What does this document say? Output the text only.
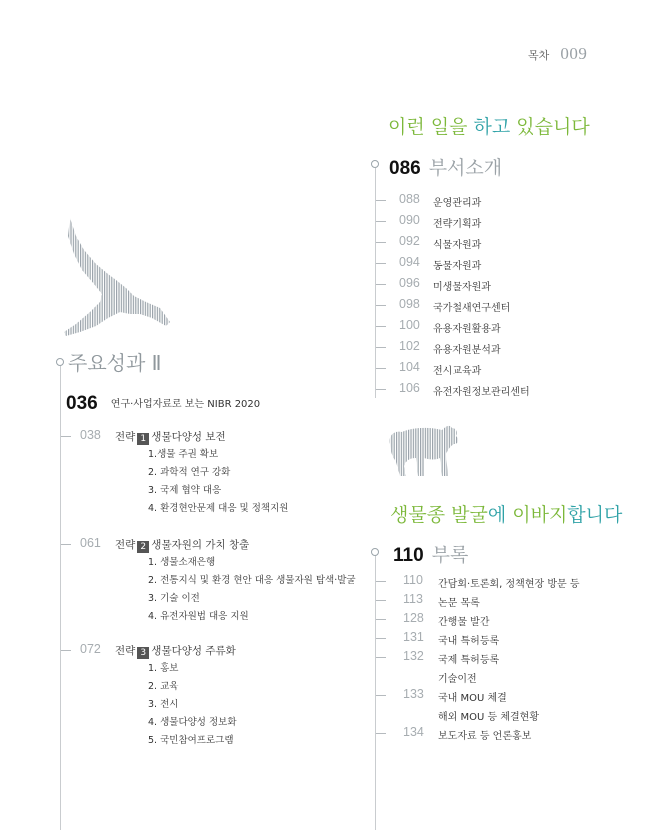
목차 009
이런 일을 하고 있습니다
086 부서소개
088 운영관리과
090 전략기획과
092 식물자원과
094 동물자원과
096 미생물자원과
098 국가철새연구센터
100 유용자원활용과
102 유용자원분석과
104 전시교육과
106 유전자원정보관리센터
생물종 발굴에 이바지합니다
110 부록
110 간담회·토론회, 정책현장 방문 등
113 논문 목록
128 간행물 발간
131 국내 특허등록
132 국제 특허등록
기술이전
133 국내 MOU 체결
해외 MOU 등 체결현황
134 보도자료 등 언론홍보
주요성과 Ⅱ
036 연구·사업자료로 보는 NIBR 2020
038 전략 1 생물다양성 보전
1.생물 주권 확보
2. 과학적 연구 강화
3. 국제 협약 대응
4. 환경현안문제 대응 및 정책지원
061 전략 2 생물자원의 가치 창출
1. 생물소재은행
2. 전통지식 및 환경 현안 대응 생물자원 탐색·발굴
3. 기술 이전
4. 유전자원법 대응 지원
072 전략 3 생물다양성 주류화
1. 홍보
2. 교육
3. 전시
4. 생물다양성 정보화
5. 국민참여프로그램
